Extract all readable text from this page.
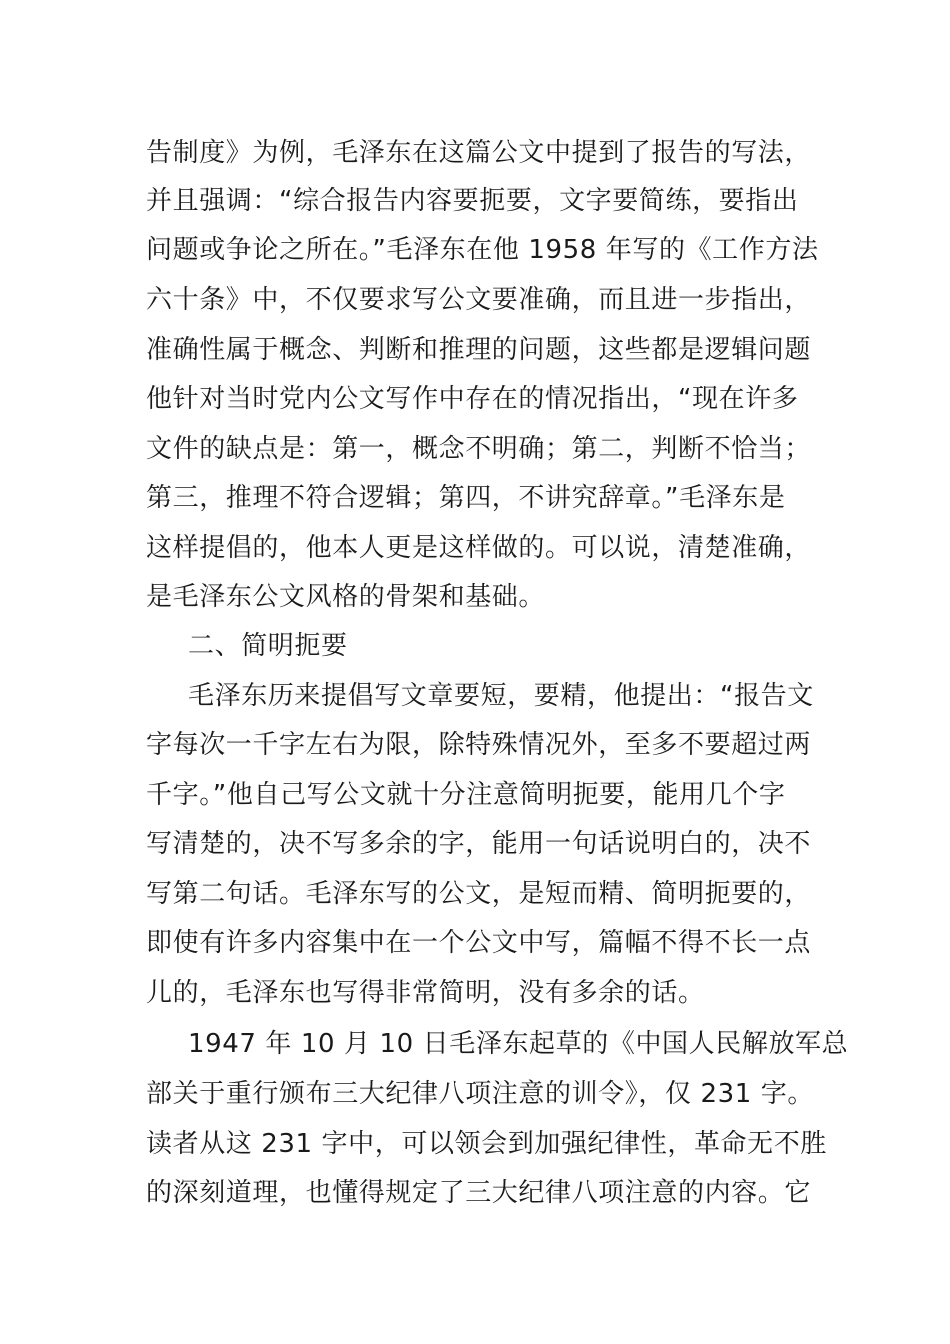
告制度》为例，毛泽东在这篇公文中提到了报告的写法，
并且强调：“综合报告内容要扼要，文字要简练，要指出
问题或争论之所在。”毛泽东在他 1958 年写的《工作方法
六十条》中，不仅要求写公文要准确，而且进一步指出，
准确性属于概念、判断和推理的问题，这些都是逻辑问题
他针对当时党内公文写作中存在的情况指出，“现在许多
文件的缺点是：第一，概念不明确；第二，判断不恰当；
第三，推理不符合逻辑；第四，不讲究辞章。”毛泽东是
这样提倡的，他本人更是这样做的。可以说，清楚准确，
是毛泽东公文风格的骨架和基础。
二、简明扼要
毛泽东历来提倡写文章要短，要精，他提出：“报告文
字每次一千字左右为限，除特殊情况外，至多不要超过两
千字。”他自己写公文就十分注意简明扼要，能用几个字
写清楚的，决不写多余的字，能用一句话说明白的，决不
写第二句话。毛泽东写的公文，是短而精、简明扼要的，
即使有许多内容集中在一个公文中写，篇幅不得不长一点
儿的，毛泽东也写得非常简明，没有多余的话。
1947 年 10 月 10 日毛泽东起草的《中国人民解放军总
部关于重行颁布三大纪律八项注意的训令》，仅 231 字。
读者从这 231 字中，可以领会到加强纪律性，革命无不胜
的深刻道理，也懂得规定了三大纪律八项注意的内容。它
